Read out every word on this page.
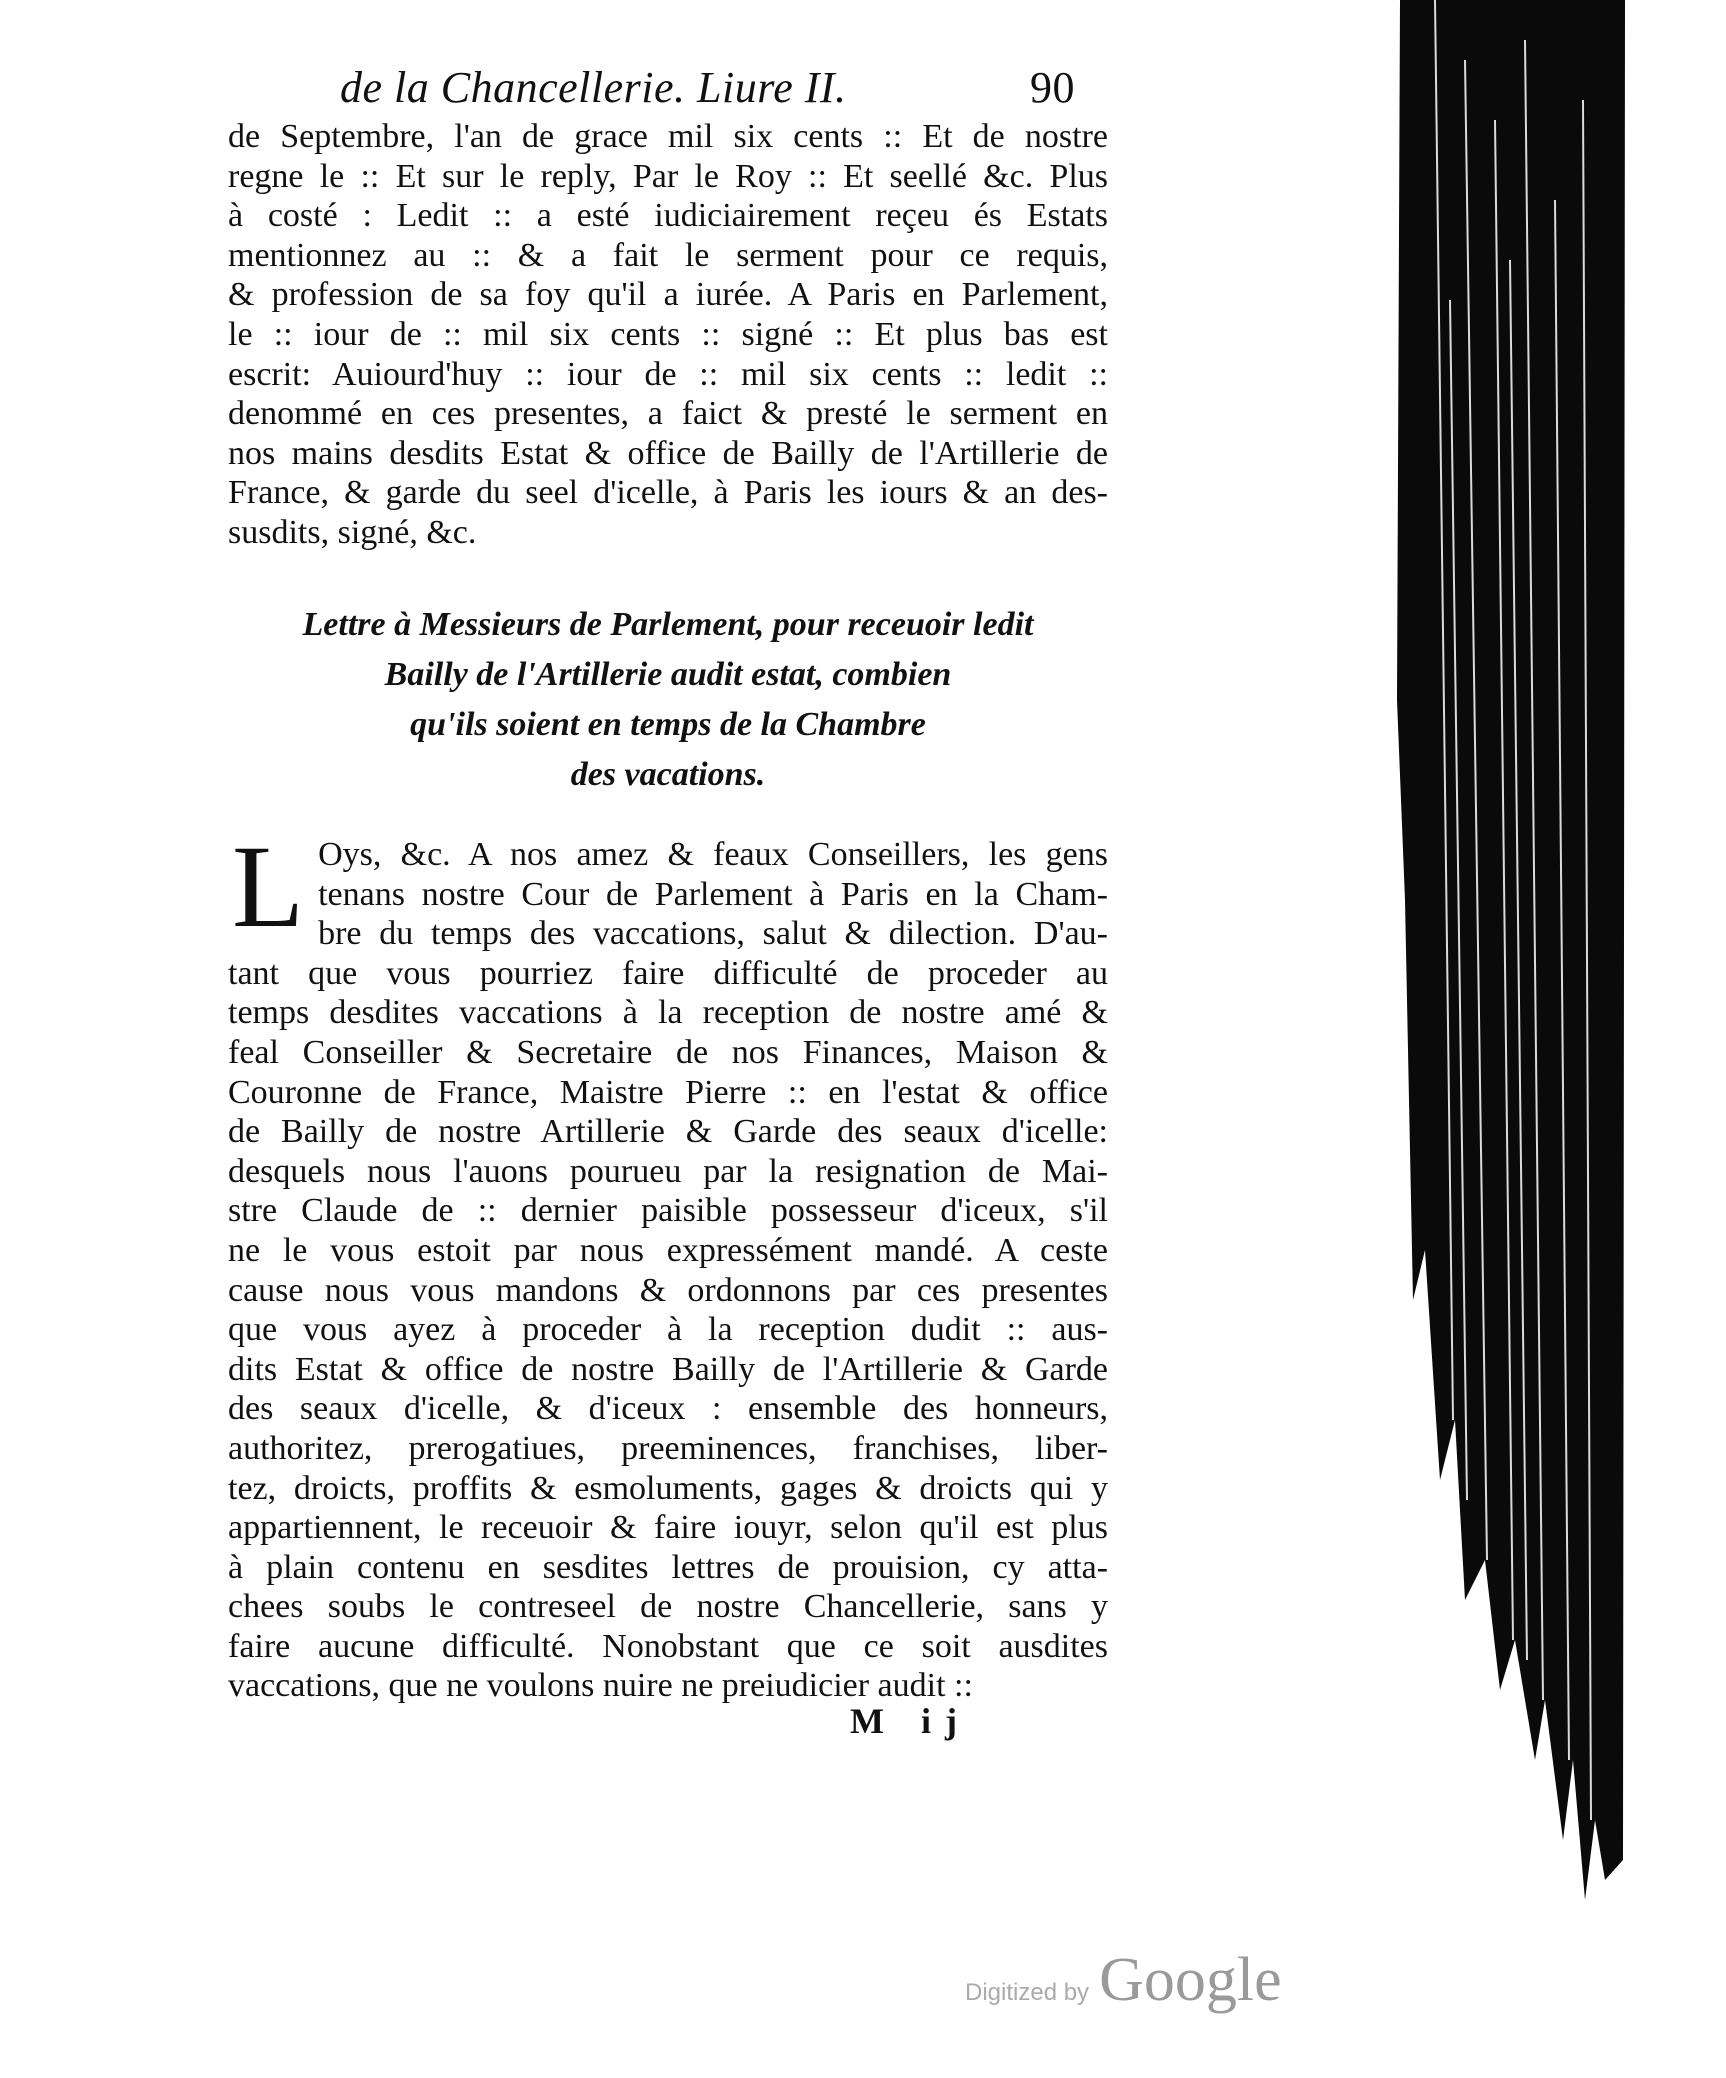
de la Chancellerie. Liure II.	90
de Septembre, l'an de grace mil six cents :: Et de nostre
regne le :: Et sur le reply, Par le Roy :: Et seellé &c. Plus
à costé : Ledit :: a esté iudiciairement reçeu és Estats
mentionnez au :: & a fait le serment pour ce requis,
& profession de sa foy qu'il a iurée. A Paris en Parlement,
le :: iour de :: mil six cents :: signé :: Et plus bas est
escrit: Auiourd'huy :: iour de :: mil six cents :: ledit ::
denommé en ces presentes, a faict & presté le serment en
nos mains desdits Estat & office de Bailly de l'Artillerie de
France, & garde du seel d'icelle, à Paris les iours & an des-
susdits, signé, &c.
Lettre à Messieurs de Parlement, pour receuoir ledit
Bailly de l'Artillerie audit estat, combien
qu'ils soient en temps de la Chambre
des vacations.
L Oys, &c. A nos amez & feaux Conseillers, les gens
tenans nostre Cour de Parlement à Paris en la Cham-
bre du temps des vaccations, salut & dilection. D'au-
tant que vous pourriez faire difficulté de proceder au
temps desdites vaccations à la reception de nostre amé &
feal Conseiller & Secretaire de nos Finances, Maison &
Couronne de France, Maistre Pierre :: en l'estat & office
de Bailly de nostre Artillerie & Garde des seaux d'icelle:
desquels nous l'auons pourueu par la resignation de Mai-
stre Claude de :: dernier paisible possesseur d'iceux, s'il
ne le vous estoit par nous expressément mandé. A ceste
cause nous vous mandons & ordonnons par ces presentes
que vous ayez à proceder à la reception dudit :: aus-
dits Estat & office de nostre Bailly de l'Artillerie & Garde
des seaux d'icelle, & d'iceux : ensemble des honneurs,
authoritez, prerogatiues, preeminences, franchises, liber-
tez, droicts, proffits & esmoluments, gages & droicts qui y
appartiennent, le receuoir & faire iouyr, selon qu'il est plus
à plain contenu en sesdites lettres de prouision, cy atta-
chees soubs le contreseel de nostre Chancellerie, sans y
faire aucune difficulté. Nonobstant que ce soit ausdites
vaccations, que ne voulons nuire ne preiudicier audit ::
M ij
Digitized by Google
